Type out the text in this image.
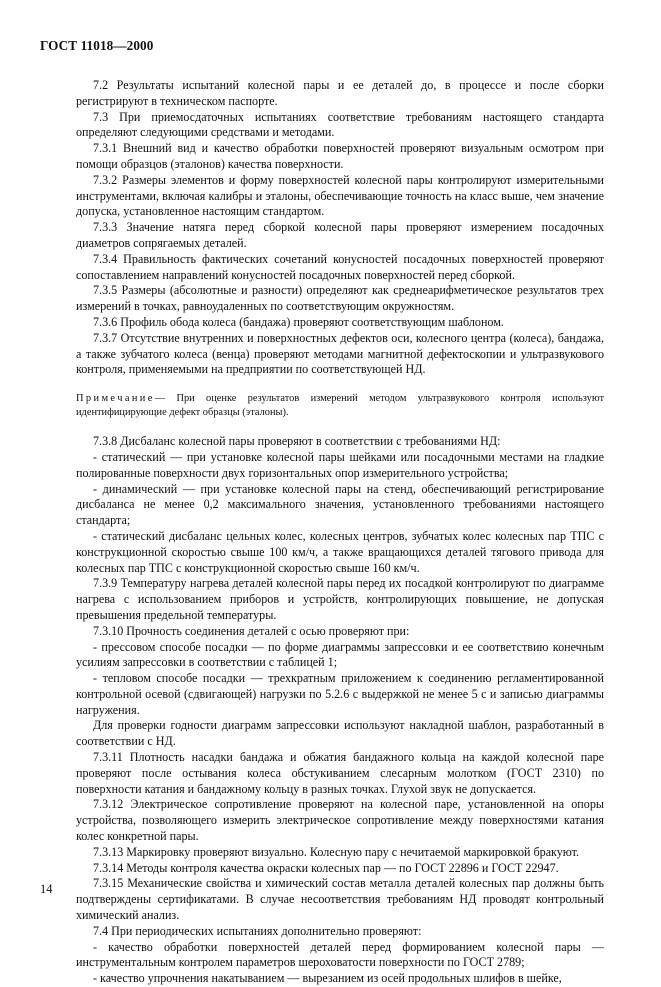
ГОСТ 11018—2000

7.2 Результаты испытаний колесной пары и ее деталей до, в процессе и после сборки регистрируют в техническом паспорте.

7.3 При приемосдаточных испытаниях соответствие требованиям настоящего стандарта определяют следующими средствами и методами.

7.3.1 Внешний вид и качество обработки поверхностей проверяют визуальным осмотром при помощи образцов (эталонов) качества поверхности.

7.3.2 Размеры элементов и форму поверхностей колесной пары контролируют измерительными инструментами, включая калибры и эталоны, обеспечивающие точность на класс выше, чем значение допуска, установленное настоящим стандартом.

7.3.3 Значение натяга перед сборкой колесной пары проверяют измерением посадочных диаметров сопрягаемых деталей.

7.3.4 Правильность фактических сочетаний конусностей посадочных поверхностей проверяют сопоставлением направлений конусностей посадочных поверхностей перед сборкой.

7.3.5 Размеры (абсолютные и разности) определяют как среднеарифметическое результатов трех измерений в точках, равноудаленных по соответствующим окружностям.

7.3.6 Профиль обода колеса (бандажа) проверяют соответствующим шаблоном.

7.3.7 Отсутствие внутренних и поверхностных дефектов оси, колесного центра (колеса), бандажа, а также зубчатого колеса (венца) проверяют методами магнитной дефектоскопии и ультразвукового контроля, применяемыми на предприятии по соответствующей НД.

Примечание— При оценке результатов измерений методом ультразвукового контроля используют идентифицирующие дефект образцы (эталоны).

7.3.8 Дисбаланс колесной пары проверяют в соответствии с требованиями НД:

- статический — при установке колесной пары шейками или посадочными местами на гладкие полированные поверхности двух горизонтальных опор измерительного устройства;

- динамический — при установке колесной пары на стенд, обеспечивающий регистрирование дисбаланса не менее 0,2 максимального значения, установленного требованиями настоящего стандарта;

- статический дисбаланс цельных колес, колесных центров, зубчатых колес колесных пар ТПС с конструкционной скоростью свыше 100 км/ч, а также вращающихся деталей тягового привода для колесных пар ТПС с конструкционной скоростью свыше 160 км/ч.

7.3.9 Температуру нагрева деталей колесной пары перед их посадкой контролируют по диаграмме нагрева с использованием приборов и устройств, контролирующих повышение, не допуская превышения предельной температуры.

7.3.10 Прочность соединения деталей с осью проверяют при:

- прессовом способе посадки — по форме диаграммы запрессовки и ее соответствию конечным усилиям запрессовки в соответствии с таблицей 1;

- тепловом способе посадки — трехкратным приложением к соединению регламентированной контрольной осевой (сдвигающей) нагрузки по 5.2.6 с выдержкой не менее 5 с и записью диаграммы нагружения.

Для проверки годности диаграмм запрессовки используют накладной шаблон, разработанный в соответствии с НД.

7.3.11 Плотность насадки бандажа и обжатия бандажного кольца на каждой колесной паре проверяют после остывания колеса обстукиванием слесарным молотком (ГОСТ 2310) по поверхности катания и бандажному кольцу в разных точках. Глухой звук не допускается.

7.3.12 Электрическое сопротивление проверяют на колесной паре, установленной на опоры устройства, позволяющего измерить электрическое сопротивление между поверхностями катания колес конкретной пары.

7.3.13 Маркировку проверяют визуально. Колесную пару с нечитаемой маркировкой бракуют.

7.3.14 Методы контроля качества окраски колесных пар — по ГОСТ 22896 и ГОСТ 22947.

7.3.15 Механические свойства и химический состав металла деталей колесных пар должны быть подтверждены сертификатами. В случае несоответствия требованиям НД проводят контрольный химический анализ.

7.4 При периодических испытаниях дополнительно проверяют:

- качество обработки поверхностей деталей перед формированием колесной пары — инструментальным контролем параметров шероховатости поверхности по ГОСТ 2789;

- качество упрочнения накатыванием — вырезанием из осей продольных шлифов в шейке,

14
